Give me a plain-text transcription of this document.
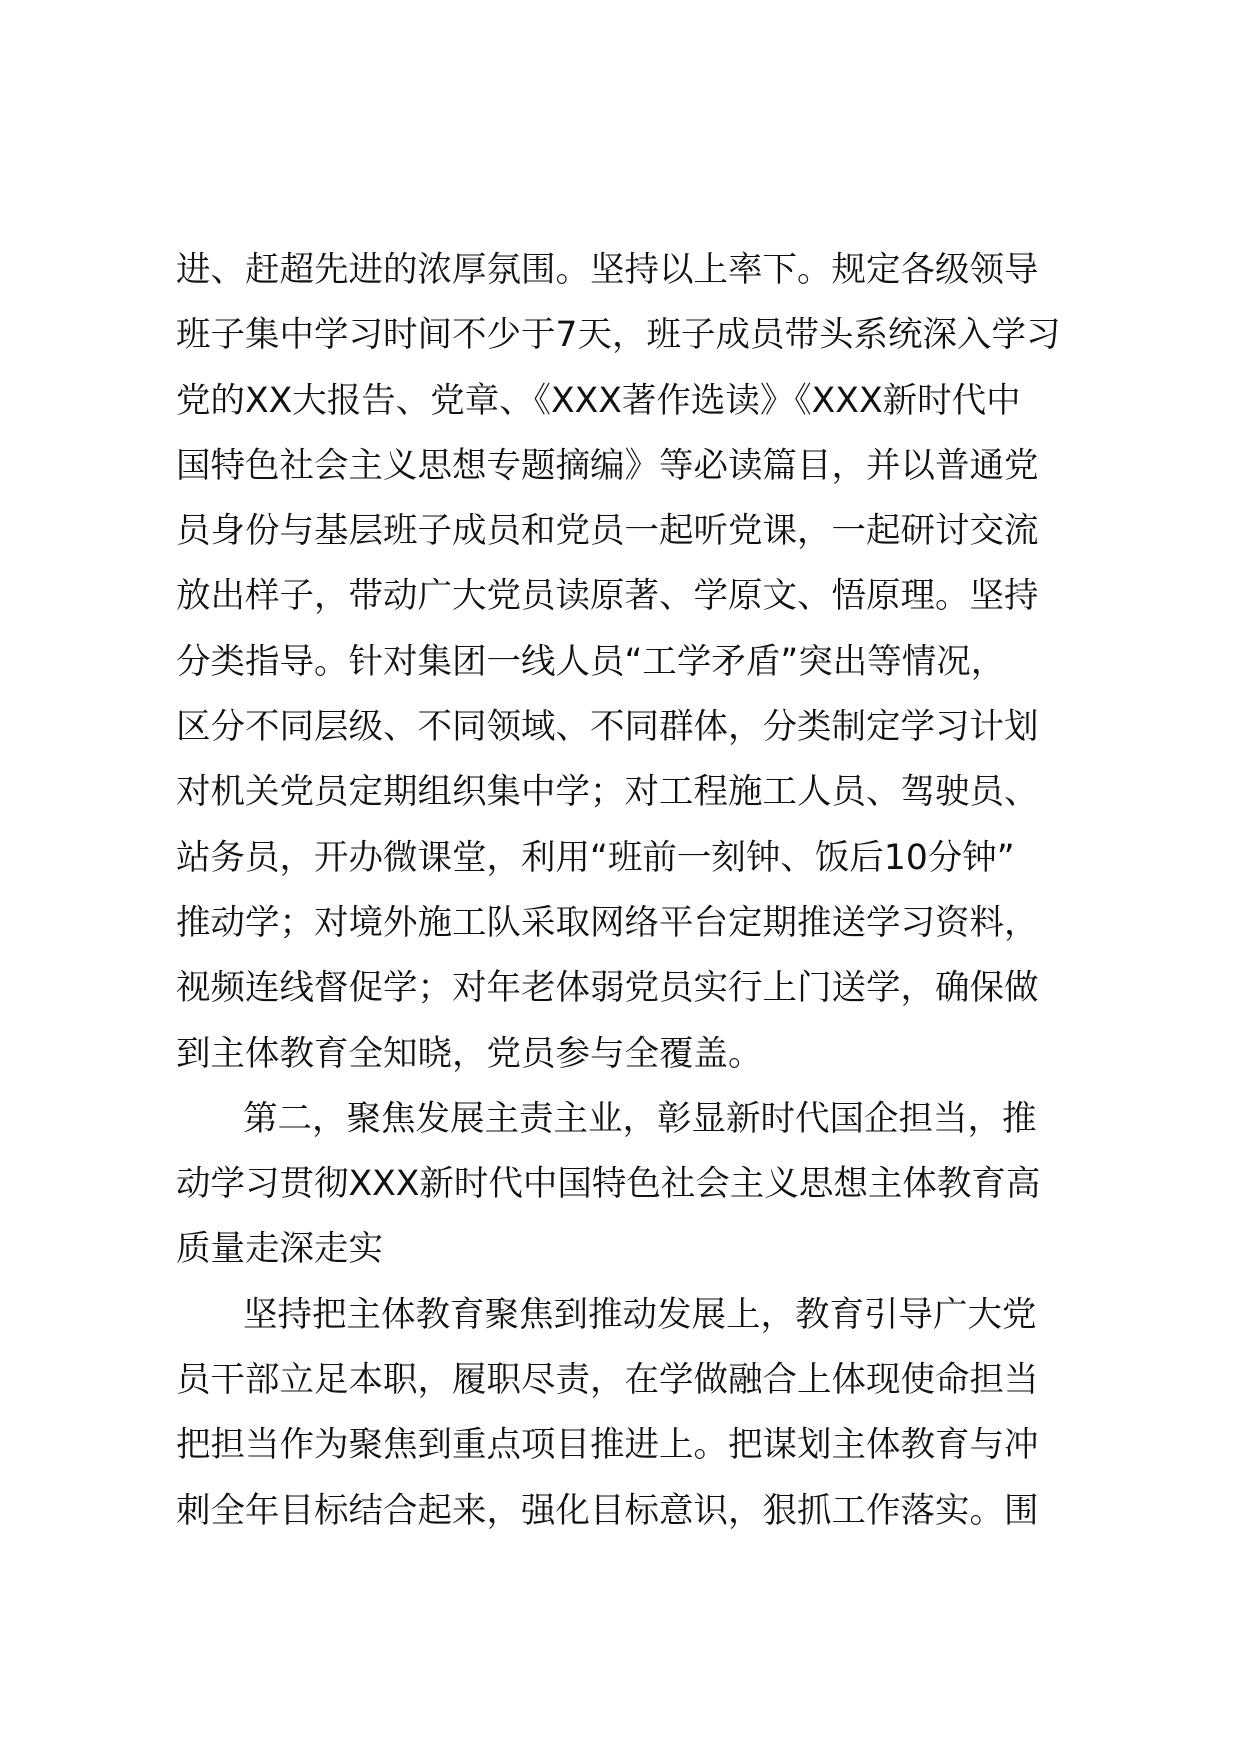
进、赶超先进的浓厚氛围。坚持以上率下。规定各级领导
班子集中学习时间不少于7天，班子成员带头系统深入学习
党的XX大报告、党章、《XXX著作选读》《XXX新时代中
国特色社会主义思想专题摘编》等必读篇目，并以普通党
员身份与基层班子成员和党员一起听党课，一起研讨交流
放出样子，带动广大党员读原著、学原文、悟原理。坚持
分类指导。针对集团一线人员“工学矛盾”突出等情况，
区分不同层级、不同领域、不同群体，分类制定学习计划
对机关党员定期组织集中学；对工程施工人员、驾驶员、
站务员，开办微课堂，利用“班前一刻钟、饭后10分钟”
推动学；对境外施工队采取网络平台定期推送学习资料，
视频连线督促学；对年老体弱党员实行上门送学，确保做
到主体教育全知晓，党员参与全覆盖。
第二，聚焦发展主责主业，彰显新时代国企担当，推
动学习贯彻XXX新时代中国特色社会主义思想主体教育高
质量走深走实
坚持把主体教育聚焦到推动发展上，教育引导广大党
员干部立足本职，履职尽责，在学做融合上体现使命担当
把担当作为聚焦到重点项目推进上。把谋划主体教育与冲
刺全年目标结合起来，强化目标意识，狠抓工作落实。围
